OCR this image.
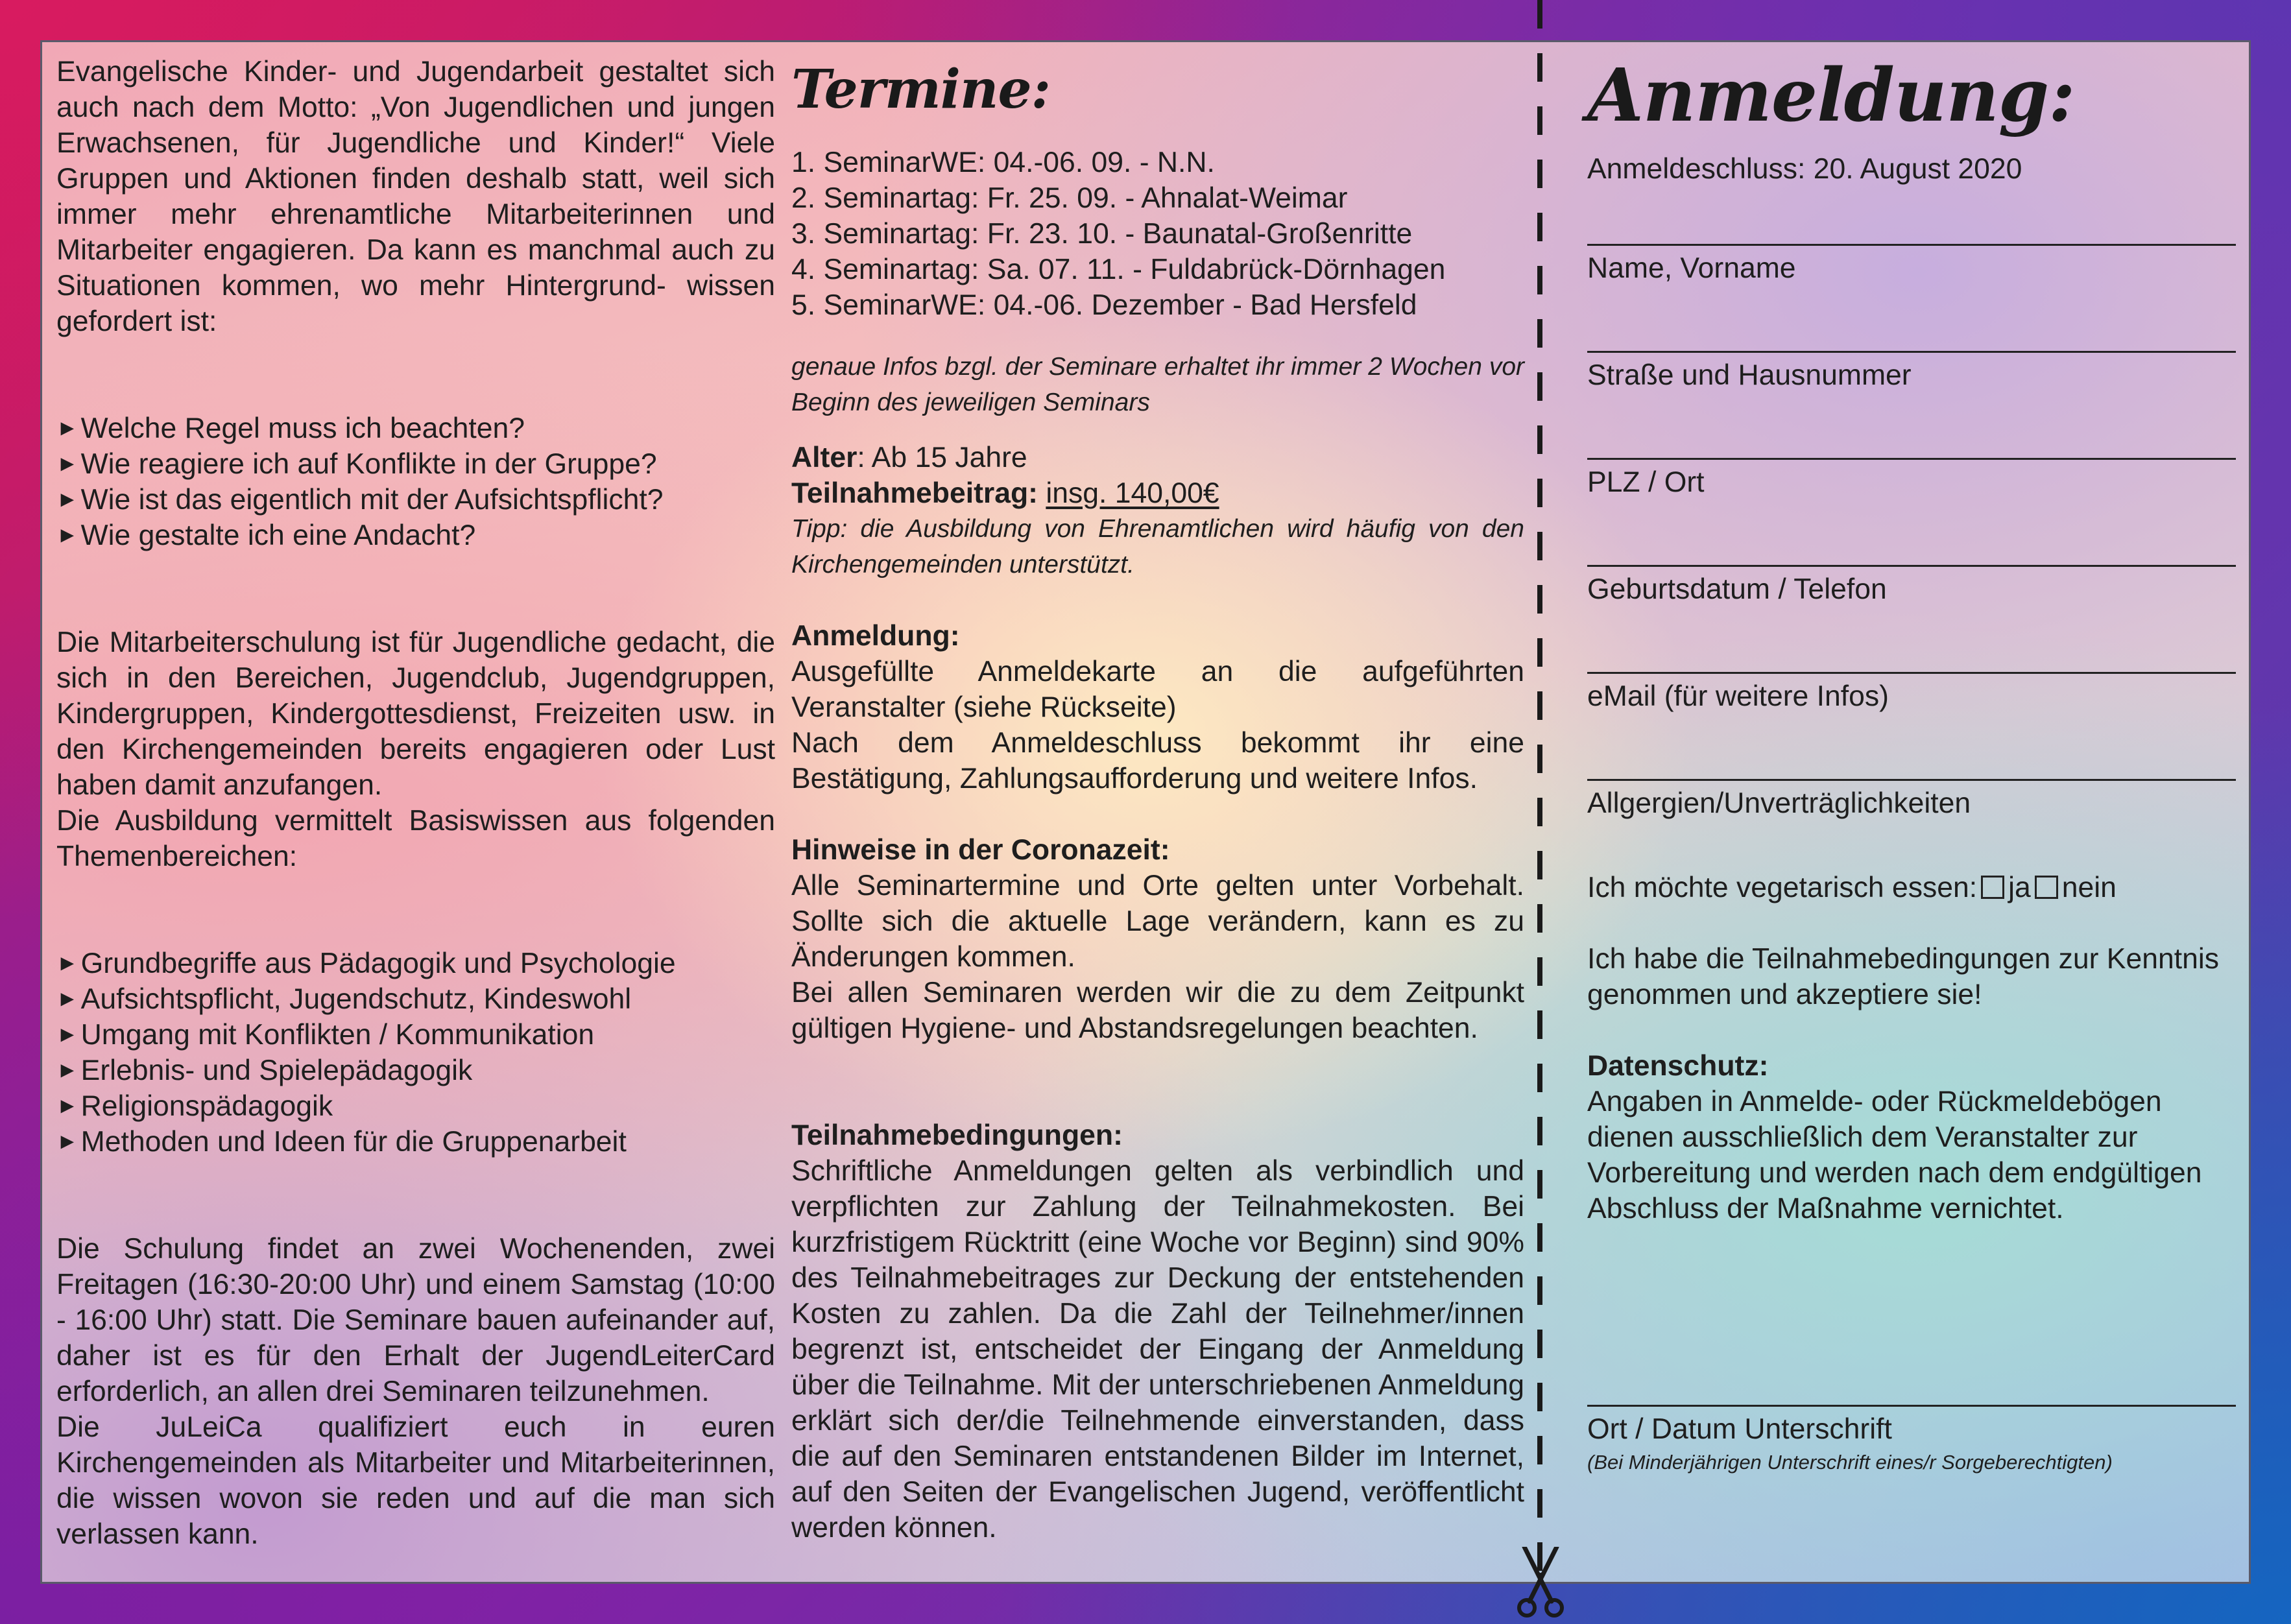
Evangelische Kinder- und Jugendarbeit gestaltet sich auch nach dem Motto: „Von Jugendlichen und jungen Erwachsenen, für Jugendliche und Kinder!“ Viele Gruppen und Aktionen finden deshalb statt, weil sich immer mehr ehrenamtliche Mitarbeiterinnen und Mitarbeiter engagieren. Da kann es manchmal auch zu Situationen kommen, wo mehr Hintergrund- wissen gefordert ist:

►Welche Regel muss ich beachten?
►Wie reagiere ich auf Konflikte in der Gruppe?
►Wie ist das eigentlich mit der Aufsichtspflicht?
►Wie gestalte ich eine Andacht?

Die Mitarbeiterschulung ist für Jugendliche gedacht, die sich in den Bereichen, Jugendclub, Jugendgruppen, Kindergruppen, Kindergottesdienst, Freizeiten usw. in den Kirchengemeinden bereits engagieren oder Lust haben damit anzufangen.

Die Ausbildung vermittelt Basiswissen aus folgenden Themenbereichen:

►Grundbegriffe aus Pädagogik und Psychologie
►Aufsichtspflicht, Jugendschutz, Kindeswohl
►Umgang mit Konflikten / Kommunikation
►Erlebnis- und Spielepädagogik
►Religionspädagogik
►Methoden und Ideen für die Gruppenarbeit

Die Schulung findet an zwei Wochenenden, zwei Freitagen (16:30-20:00 Uhr) und einem Samstag (10:00 - 16:00 Uhr) statt. Die Seminare bauen aufeinander auf, daher ist es für den Erhalt der JugendLeiterCard erforderlich, an allen drei Seminaren teilzunehmen.

Die JuLeiCa qualifiziert euch in euren Kirchengemeinden als Mitarbeiter und Mitarbeiterinnen, die wissen wovon sie reden und auf die man sich verlassen kann.

Termine:

1. SeminarWE: 04.-06. 09. - N.N.

2. Seminartag: Fr. 25. 09. - Ahnalat-Weimar

3. Seminartag: Fr. 23. 10. - Baunatal-Großenritte

4. Seminartag: Sa. 07. 11. - Fuldabrück-Dörnhagen

5. SeminarWE: 04.-06. Dezember - Bad Hersfeld

genaue Infos bzgl. der Seminare erhaltet ihr immer 2 Wochen vor Beginn des jeweiligen Seminars

Alter: Ab 15 Jahre

Teilnahmebeitrag: insg. 140,00€

Tipp: die Ausbildung von Ehrenamtlichen wird häufig von den Kirchengemeinden unterstützt.

Anmeldung:

Ausgefüllte Anmeldekarte an die aufgeführten Veranstalter (siehe Rückseite)

Nach dem Anmeldeschluss bekommt ihr eine Bestätigung, Zahlungsaufforderung und weitere Infos.

Hinweise in der Coronazeit:

Alle Seminartermine und Orte gelten unter Vorbehalt. Sollte sich die aktuelle Lage verändern, kann es zu Änderungen kommen.

Bei allen Seminaren werden wir die zu dem Zeitpunkt gültigen Hygiene- und Abstandsregelungen beachten.

Teilnahmebedingungen:

Schriftliche Anmeldungen gelten als verbindlich und verpflichten zur Zahlung der Teilnahmekosten. Bei kurzfristigem Rücktritt (eine Woche vor Beginn) sind 90% des Teilnahmebeitrages zur Deckung der entstehenden Kosten zu zahlen. Da die Zahl der Teilnehmer/innen begrenzt ist, entscheidet der Eingang der Anmeldung über die Teilnahme. Mit der unterschriebenen Anmeldung erklärt sich der/die Teilnehmende einverstanden, dass die auf den Seminaren entstandenen Bilder im Internet, auf den Seiten der Evangelischen Jugend, veröffentlicht werden können.

Anmeldung:

Anmeldeschluss: 20. August 2020

Name, Vorname
Straße und Hausnummer
PLZ / Ort
Geburtsdatum / Telefon
eMail (für weitere Infos)
Allgergien/Unverträglichkeiten

Ich möchte vegetarisch essen: ja nein

Ich habe die Teilnahmebedingungen zur Kenntnis genommen und akzeptiere sie!

Datenschutz:

Angaben in Anmelde- oder Rückmeldebögen dienen ausschließlich dem Veranstalter zur Vorbereitung und werden nach dem endgültigen Abschluss der Maßnahme vernichtet.

Ort / Datum Unterschrift

(Bei Minderjährigen Unterschrift eines/r Sorgeberechtigten)
